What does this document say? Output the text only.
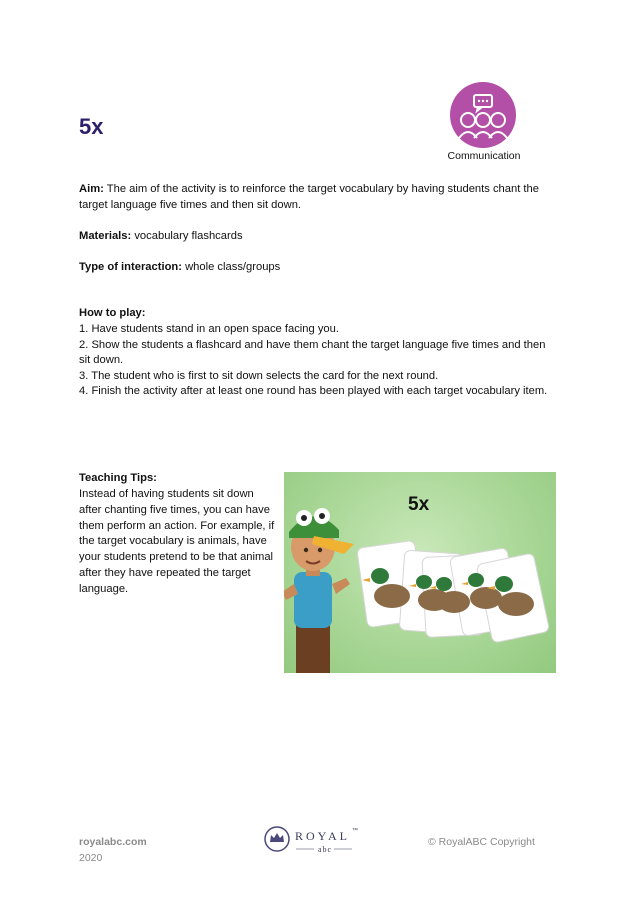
5x
Communication
Aim: The aim of the activity is to reinforce the target vocabulary by having students chant the target language five times and then sit down.
Materials: vocabulary flashcards
Type of interaction: whole class/groups
How to play:
1. Have students stand in an open space facing you.
2. Show the students a flashcard and have them chant the target language five times and then sit down.
3. The student who is first to sit down selects the card for the next round.
4. Finish the activity after at least one round has been played with each target vocabulary item.
Teaching Tips:
Instead of having students sit down after chanting five times, you can have them perform an action. For example, if the target vocabulary is animals, have your students pretend to be that animal after they have repeated the target language.
5x
royalabc.com
2020
ROYAL ™
abc
© RoyalABC Copyright
